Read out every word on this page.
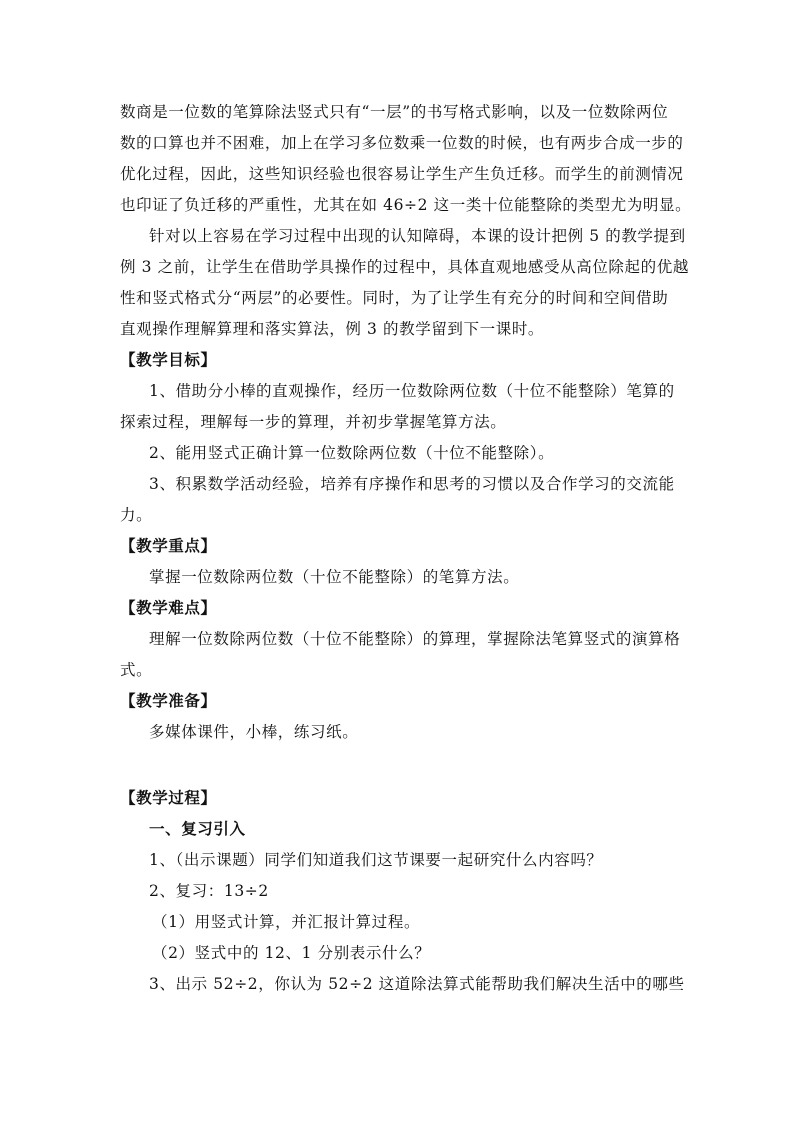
数商是一位数的笔算除法竖式只有“一层”的书写格式影响，以及一位数除两位
数的口算也并不困难，加上在学习多位数乘一位数的时候，也有两步合成一步的
优化过程，因此，这些知识经验也很容易让学生产生负迁移。而学生的前测情况
也印证了负迁移的严重性，尤其在如 46÷2 这一类十位能整除的类型尤为明显。
针对以上容易在学习过程中出现的认知障碍，本课的设计把例 5 的教学提到
例 3 之前，让学生在借助学具操作的过程中，具体直观地感受从高位除起的优越
性和竖式格式分“两层”的必要性。同时，为了让学生有充分的时间和空间借助
直观操作理解算理和落实算法，例 3 的教学留到下一课时。
【教学目标】
1、借助分小棒的直观操作，经历一位数除两位数（十位不能整除）笔算的
探索过程，理解每一步的算理，并初步掌握笔算方法。
2、能用竖式正确计算一位数除两位数（十位不能整除）。
3、积累数学活动经验，培养有序操作和思考的习惯以及合作学习的交流能
力。
【教学重点】
掌握一位数除两位数（十位不能整除）的笔算方法。
【教学难点】
理解一位数除两位数（十位不能整除）的算理，掌握除法笔算竖式的演算格
式。
【教学准备】
多媒体课件，小棒，练习纸。
【教学过程】
一、复习引入
1、（出示课题）同学们知道我们这节课要一起研究什么内容吗？
2、复习：13÷2
（1）用竖式计算，并汇报计算过程。
（2）竖式中的 12、1 分别表示什么？
3、出示 52÷2，你认为 52÷2 这道除法算式能帮助我们解决生活中的哪些
